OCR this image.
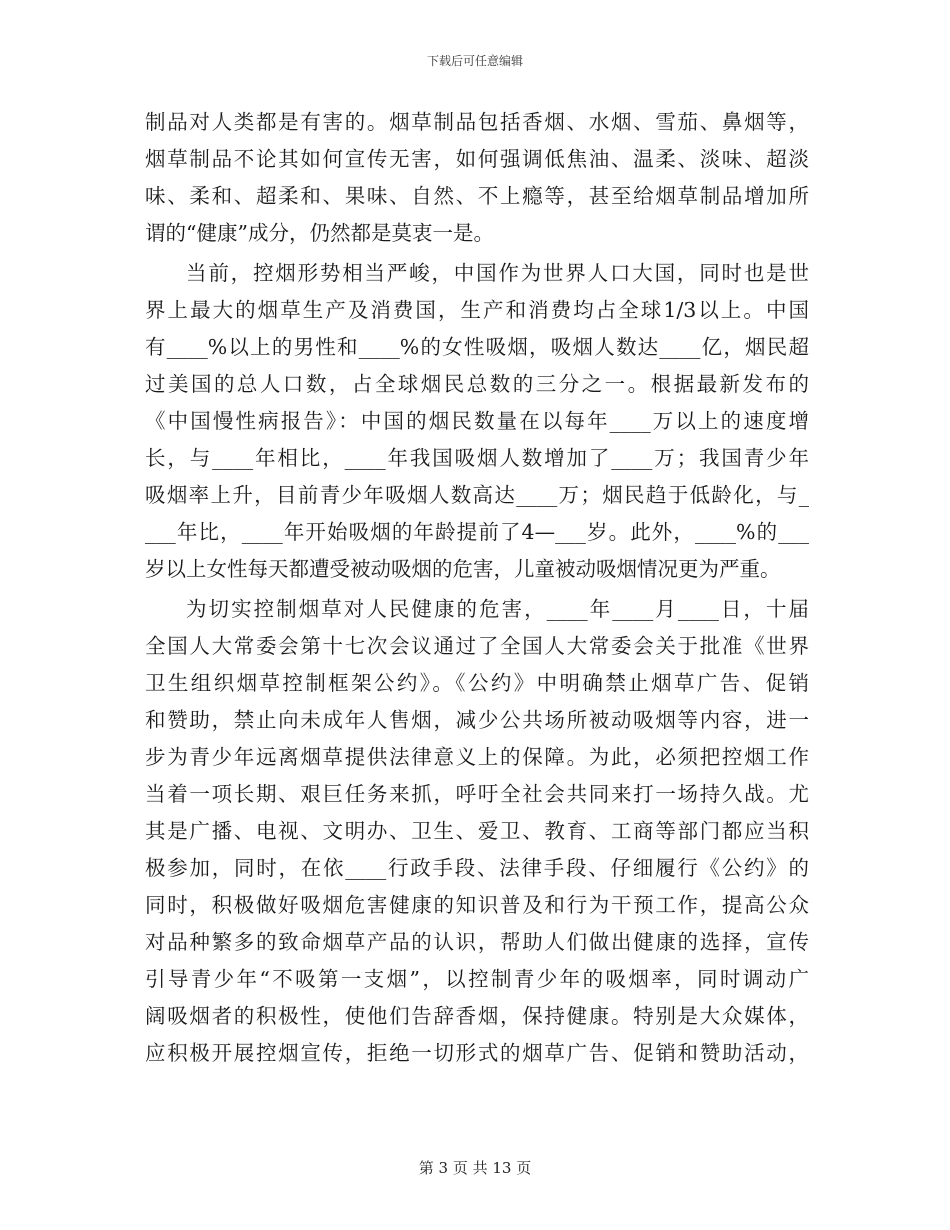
下载后可任意编辑
制品对人类都是有害的。烟草制品包括香烟、水烟、雪茄、鼻烟等，
烟草制品不论其如何宣传无害，如何强调低焦油、温柔、淡味、超淡
味、柔和、超柔和、果味、自然、不上瘾等，甚至给烟草制品增加所
谓的“健康”成分，仍然都是莫衷一是。
当前，控烟形势相当严峻，中国作为世界人口大国，同时也是世
界上最大的烟草生产及消费国，生产和消费均占全球1/3以上。中国
有____%以上的男性和____%的女性吸烟，吸烟人数达____亿，烟民超
过美国的总人口数，占全球烟民总数的三分之一。根据最新发布的
《中国慢性病报告》：中国的烟民数量在以每年____万以上的速度增
长，与____年相比，____年我国吸烟人数增加了____万；我国青少年
吸烟率上升，目前青少年吸烟人数高达____万；烟民趋于低龄化，与_
___年比，____年开始吸烟的年龄提前了4—___岁。此外，____%的___
岁以上女性每天都遭受被动吸烟的危害，儿童被动吸烟情况更为严重。
为切实控制烟草对人民健康的危害，____年____月____日，十届
全国人大常委会第十七次会议通过了全国人大常委会关于批准《世界
卫生组织烟草控制框架公约》。《公约》中明确禁止烟草广告、促销
和赞助，禁止向未成年人售烟，减少公共场所被动吸烟等内容，进一
步为青少年远离烟草提供法律意义上的保障。为此，必须把控烟工作
当着一项长期、艰巨任务来抓，呼吁全社会共同来打一场持久战。尤
其是广播、电视、文明办、卫生、爱卫、教育、工商等部门都应当积
极参加，同时，在依____行政手段、法律手段、仔细履行《公约》的
同时，积极做好吸烟危害健康的知识普及和行为干预工作，提高公众
对品种繁多的致命烟草产品的认识，帮助人们做出健康的选择，宣传
引导青少年“不吸第一支烟”，以控制青少年的吸烟率，同时调动广
阔吸烟者的积极性，使他们告辞香烟，保持健康。特别是大众媒体，
应积极开展控烟宣传，拒绝一切形式的烟草广告、促销和赞助活动，
第 3 页 共 13 页
